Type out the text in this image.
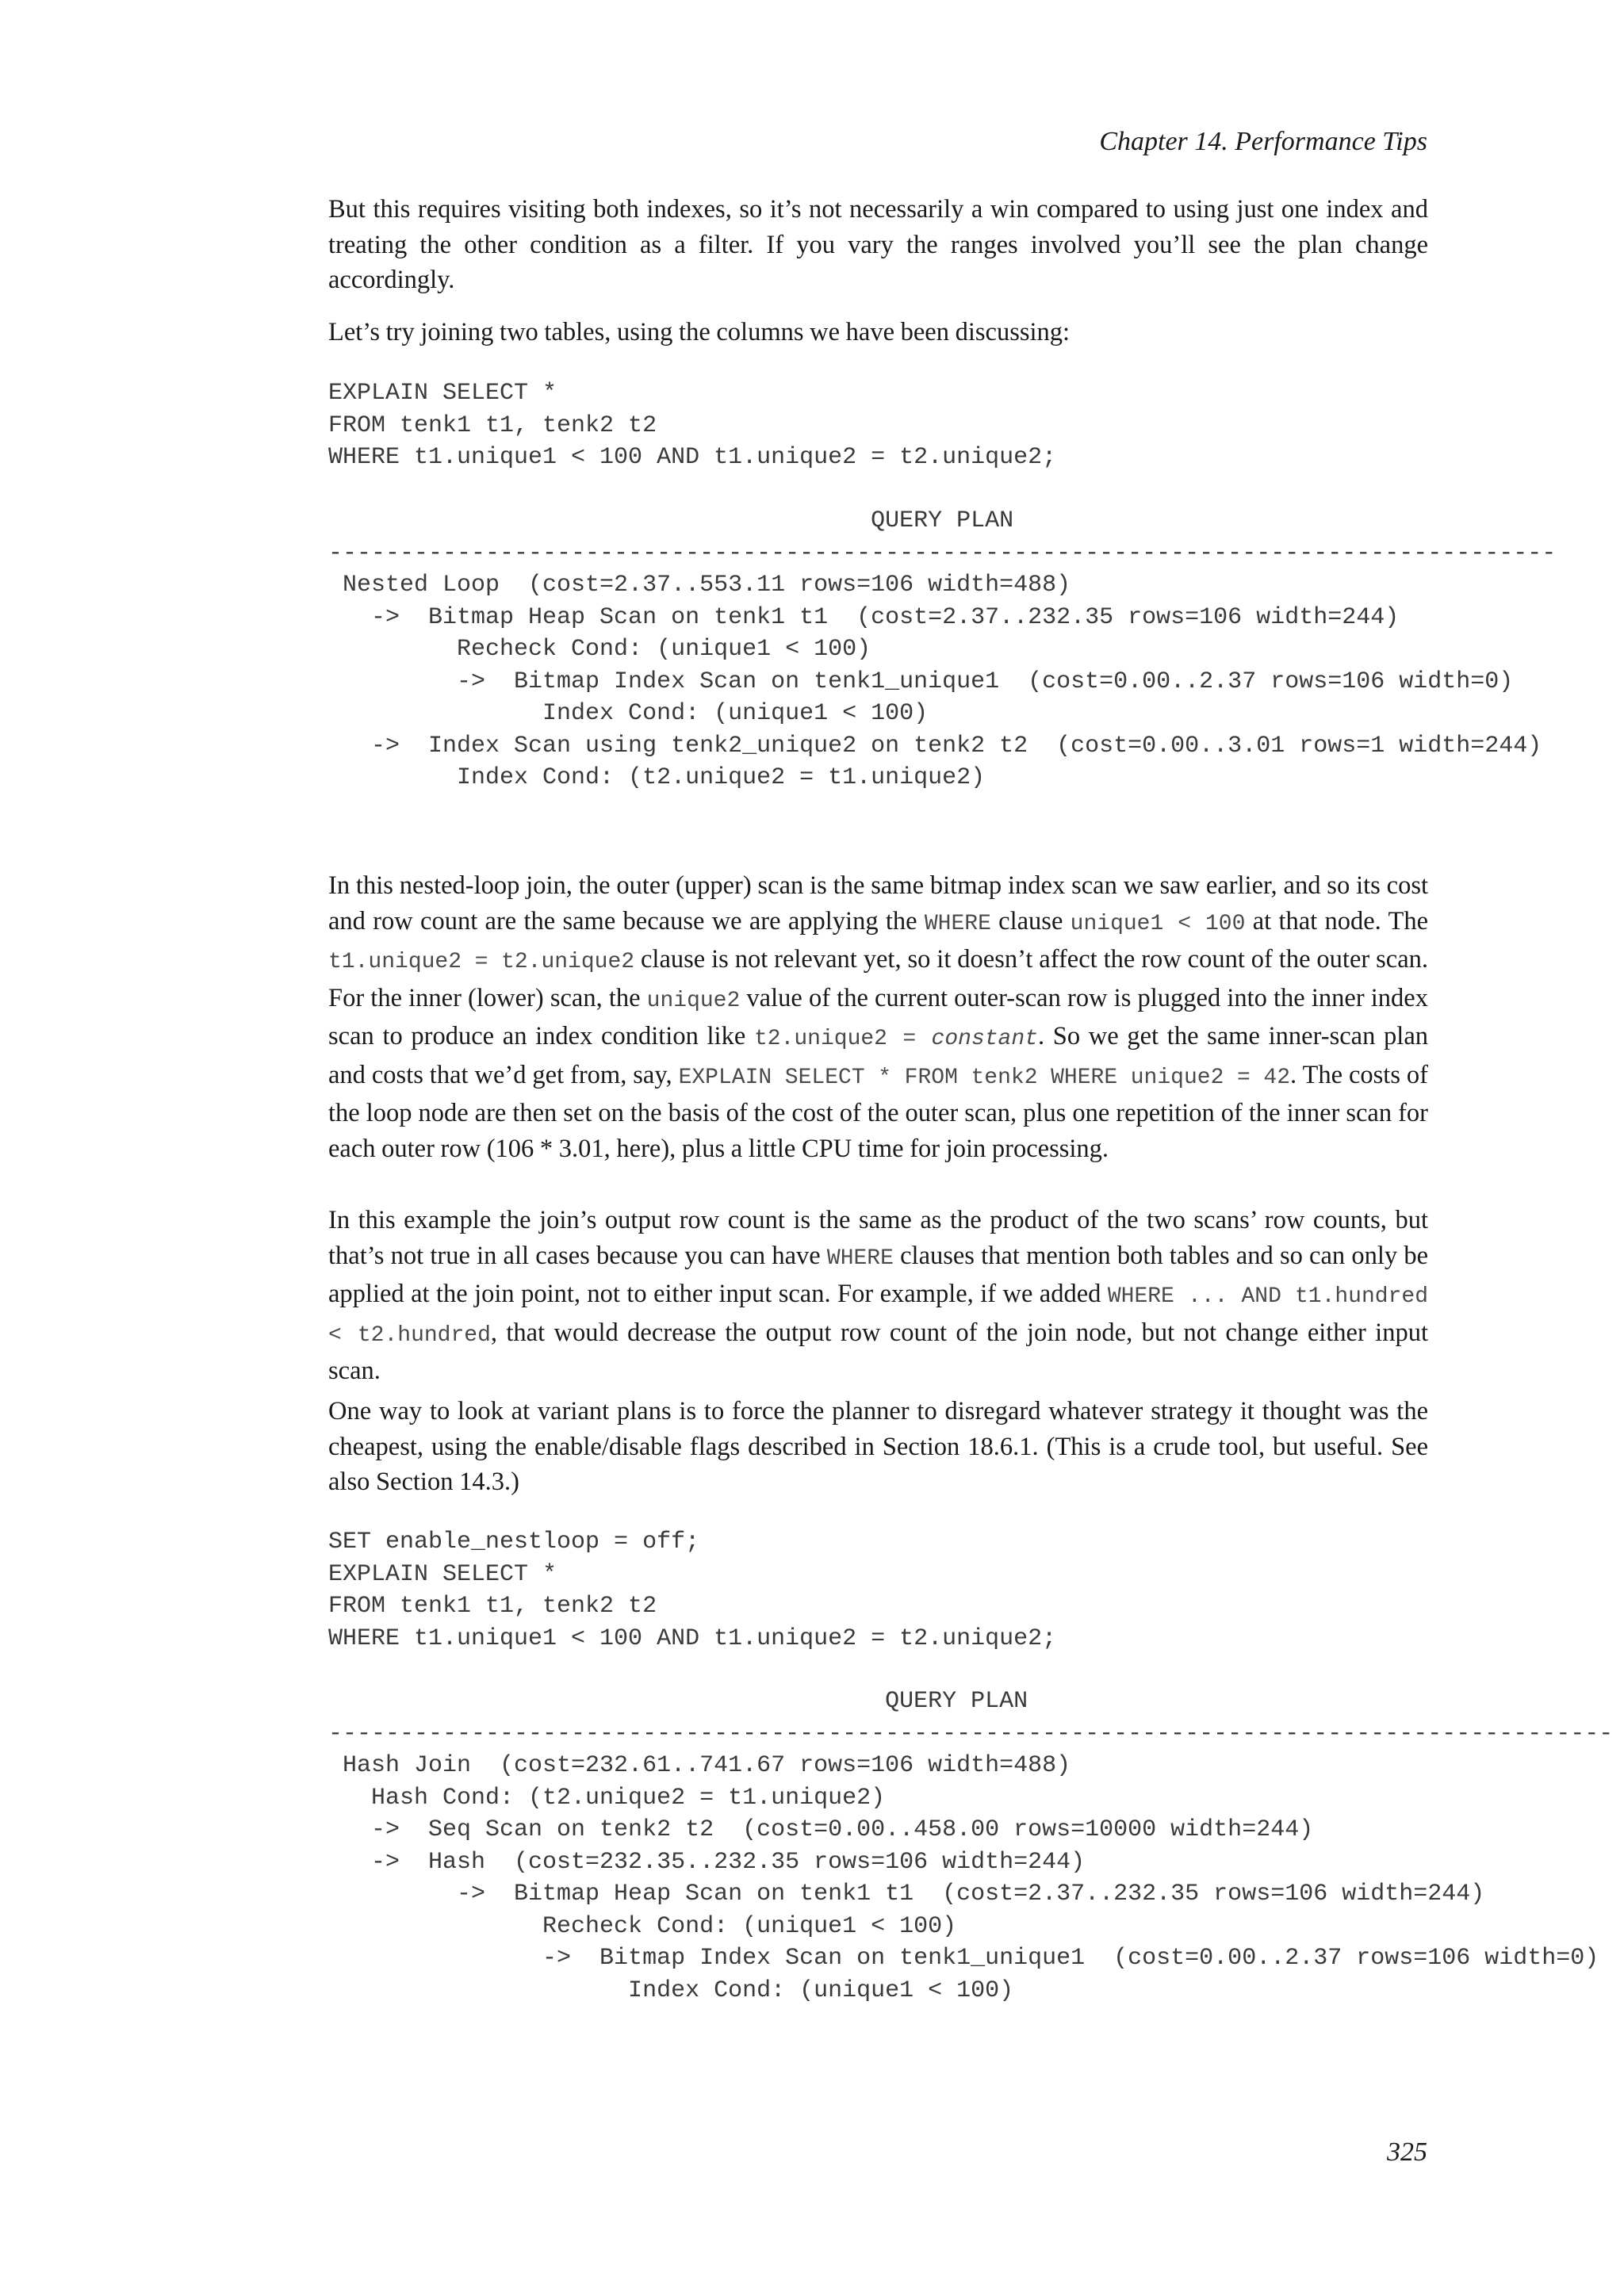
Chapter 14. Performance Tips

But this requires visiting both indexes, so it’s not necessarily a win compared to using just one index and treating the other condition as a filter. If you vary the ranges involved you’ll see the plan change accordingly.

Let’s try joining two tables, using the columns we have been discussing:

EXPLAIN SELECT *
FROM tenk1 t1, tenk2 t2
WHERE t1.unique1 < 100 AND t1.unique2 = t2.unique2;
QUERY PLAN
--------------------------------------------------------------------------------------
Nested Loop  (cost=2.37..553.11 rows=106 width=488)
->  Bitmap Heap Scan on tenk1 t1  (cost=2.37..232.35 rows=106 width=244)
Recheck Cond: (unique1 < 100)
->  Bitmap Index Scan on tenk1_unique1  (cost=0.00..2.37 rows=106 width=0)
Index Cond: (unique1 < 100)
->  Index Scan using tenk2_unique2 on tenk2 t2  (cost=0.00..3.01 rows=1 width=244)
Index Cond: (t2.unique2 = t1.unique2)

In this nested-loop join, the outer (upper) scan is the same bitmap index scan we saw earlier, and so its cost and row count are the same because we are applying the WHERE clause unique1 < 100 at that node. The t1.unique2 = t2.unique2 clause is not relevant yet, so it doesn’t affect the row count of the outer scan. For the inner (lower) scan, the unique2 value of the current outer-scan row is plugged into the inner index scan to produce an index condition like t2.unique2 = constant. So we get the same inner-scan plan and costs that we’d get from, say, EXPLAIN SELECT * FROM tenk2 WHERE unique2 = 42. The costs of the loop node are then set on the basis of the cost of the outer scan, plus one repetition of the inner scan for each outer row (106 * 3.01, here), plus a little CPU time for join processing.

In this example the join’s output row count is the same as the product of the two scans’ row counts, but that’s not true in all cases because you can have WHERE clauses that mention both tables and so can only be applied at the join point, not to either input scan. For example, if we added WHERE ... AND t1.hundred < t2.hundred, that would decrease the output row count of the join node, but not change either input scan.

One way to look at variant plans is to force the planner to disregard whatever strategy it thought was the cheapest, using the enable/disable flags described in Section 18.6.1. (This is a crude tool, but useful. See also Section 14.3.)

SET enable_nestloop = off;
EXPLAIN SELECT *
FROM tenk1 t1, tenk2 t2
WHERE t1.unique1 < 100 AND t1.unique2 = t2.unique2;
QUERY PLAN
------------------------------------------------------------------------------------------
Hash Join  (cost=232.61..741.67 rows=106 width=488)
Hash Cond: (t2.unique2 = t1.unique2)
->  Seq Scan on tenk2 t2  (cost=0.00..458.00 rows=10000 width=244)
->  Hash  (cost=232.35..232.35 rows=106 width=244)
->  Bitmap Heap Scan on tenk1 t1  (cost=2.37..232.35 rows=106 width=244)
Recheck Cond: (unique1 < 100)
->  Bitmap Index Scan on tenk1_unique1  (cost=0.00..2.37 rows=106 width=0)
Index Cond: (unique1 < 100)
325
